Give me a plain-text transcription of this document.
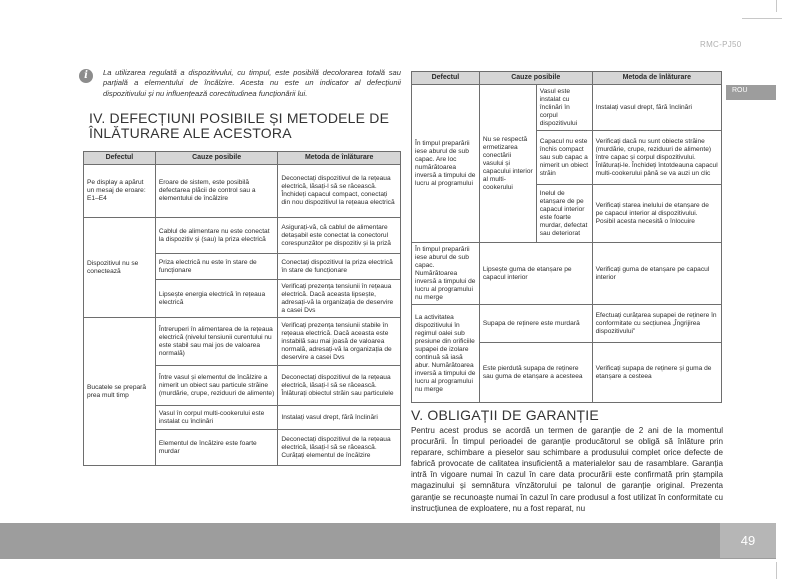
RMC-PJ50
ROU
i	La utilizarea regulată a dispozitivului, cu timpul, este posibilă decolorarea totală sau parțială a elementului de încălzire. Acesta nu este un indicator al defecțiunii dispozitivului și nu influențează corectitudinea funcționării lui.
IV. DEFECȚIUNI POSIBILE ȘI METODELE DE ÎNLĂTURARE ALE ACESTORA
Defectul	Cauze posibile	Metoda de înlăturare
Pe display a apărut un mesaj de eroare: E1–E4	Eroare de sistem, este posibilă defectarea plăcii de control sau a elementului de încălzire	Deconectați dispozitivul de la rețeaua electrică, lăsați-l să se răcească. Închideți capacul compact, conectați din nou dispozitivul la rețeaua electrică
Dispozitivul nu se conectează	Cablul de alimentare nu este conectat la dispozitiv și (sau) la priza electrică	Asigurați-vă, că cablul de alimentare detașabil este conectat la conectorul corespunzător pe dispozitiv și la priză
	Priza electrică nu este în stare de funcționare	Conectați dispozitivul la priza electrică în stare de funcționare
	Lipsește energia electrică în rețeaua electrică	Verificați prezența tensiunii în rețeaua electrică. Dacă aceasta lipsește, adresați-vă la organizația de deservire a casei Dvs
Bucatele se prepară prea mult timp	Întreruperi în alimentarea de la rețeaua electrică (nivelul tensiunii curentului nu este stabil sau mai jos de valoarea normală)	Verificați prezența tensiunii stabile în rețeaua electrică. Dacă aceasta este instabilă sau mai joasă de valoarea normală, adresați-vă la organizația de deservire a casei Dvs
	Între vasul și elementul de încălzire a nimerit un obiect sau particule străine (murdărie, crupe, reziduuri de alimente)	Deconectați dispozitivul de la rețeaua electrică, lăsați-l să se răcească. Înlăturați obiectul străin sau particulele
	Vasul în corpul multi-cookerului este instalat cu înclinări	Instalați vasul drept, fără înclinări
	Elementul de încălzire este foarte murdar	Deconectați dispozitivul de la rețeaua electrică, lăsați-l să se răcească. Curățați elementul de încălzire
Defectul	Cauze posibile		Metoda de înlăturare
În timpul preparării iese aburul de sub capac. Are loc numărătoarea inversă a timpului de lucru al programului	Nu se respectă ermetizarea conectării vasului și capacului interior al multi-cookerului	Vasul este instalat cu înclinări în corpul dispozitivului	Instalați vasul drept, fără înclinări
		Capacul nu este închis compact sau sub capac a nimerit un obiect străin	Verificați dacă nu sunt obiecte străine (murdărie, crupe, reziduuri de alimente) între capac și corpul dispozitivului. Înlăturați-le. Închideți întotdeauna capacul multi-cookerului până se va auzi un clic
		Inelul de etanșare de pe capacul interior este foarte murdar, defectat sau deteriorat	Verificați starea inelului de etanșare de pe capacul interior al dispozitivului. Posibil acesta necesită o înlocuire
În timpul preparării iese aburul de sub capac. Numărătoarea inversă a timpului de lucru al programului nu merge	Lipsește guma de etanșare pe capacul interior		Verificați guma de etanșare pe capacul interior
La activitatea dispozitivului în regimul oalei sub presiune din orificiile supapei de izolare continuă să iasă abur. Numărătoarea inversă a timpului de lucru al programului nu merge	Supapa de reținere este murdară		Efectuați curățarea supapei de reținere în conformitate cu secțiunea „Îngrijirea dispozitivului”
	Este pierdută supapa de reținere sau guma de etanșare a acesteea		Verificați supapa de reținere și guma de etanșare a cesteea
V. OBLIGAȚII DE GARANȚIE
Pentru acest produs se acordă un termen de garanție de 2 ani de la momentul procurării. În timpul perioadei de garanție producătorul se obligă să înlăture prin reparare, schimbare a pieselor sau schimbare a produsului complet orice defecte de fabrică provocate de calitatea insuficientă a materialelor sau de rasamblare. Garanția intră în vigoare numai în cazul în care data procurării este confirmată prin ștampila magazinului și semnătura vînzătorului pe talonul de garanție original. Prezenta garanție se recunoaște numai în cazul în care produsul a fost utilizat în conformitate cu instrucțiunea de exploatere, nu a fost reparat, nu
49
